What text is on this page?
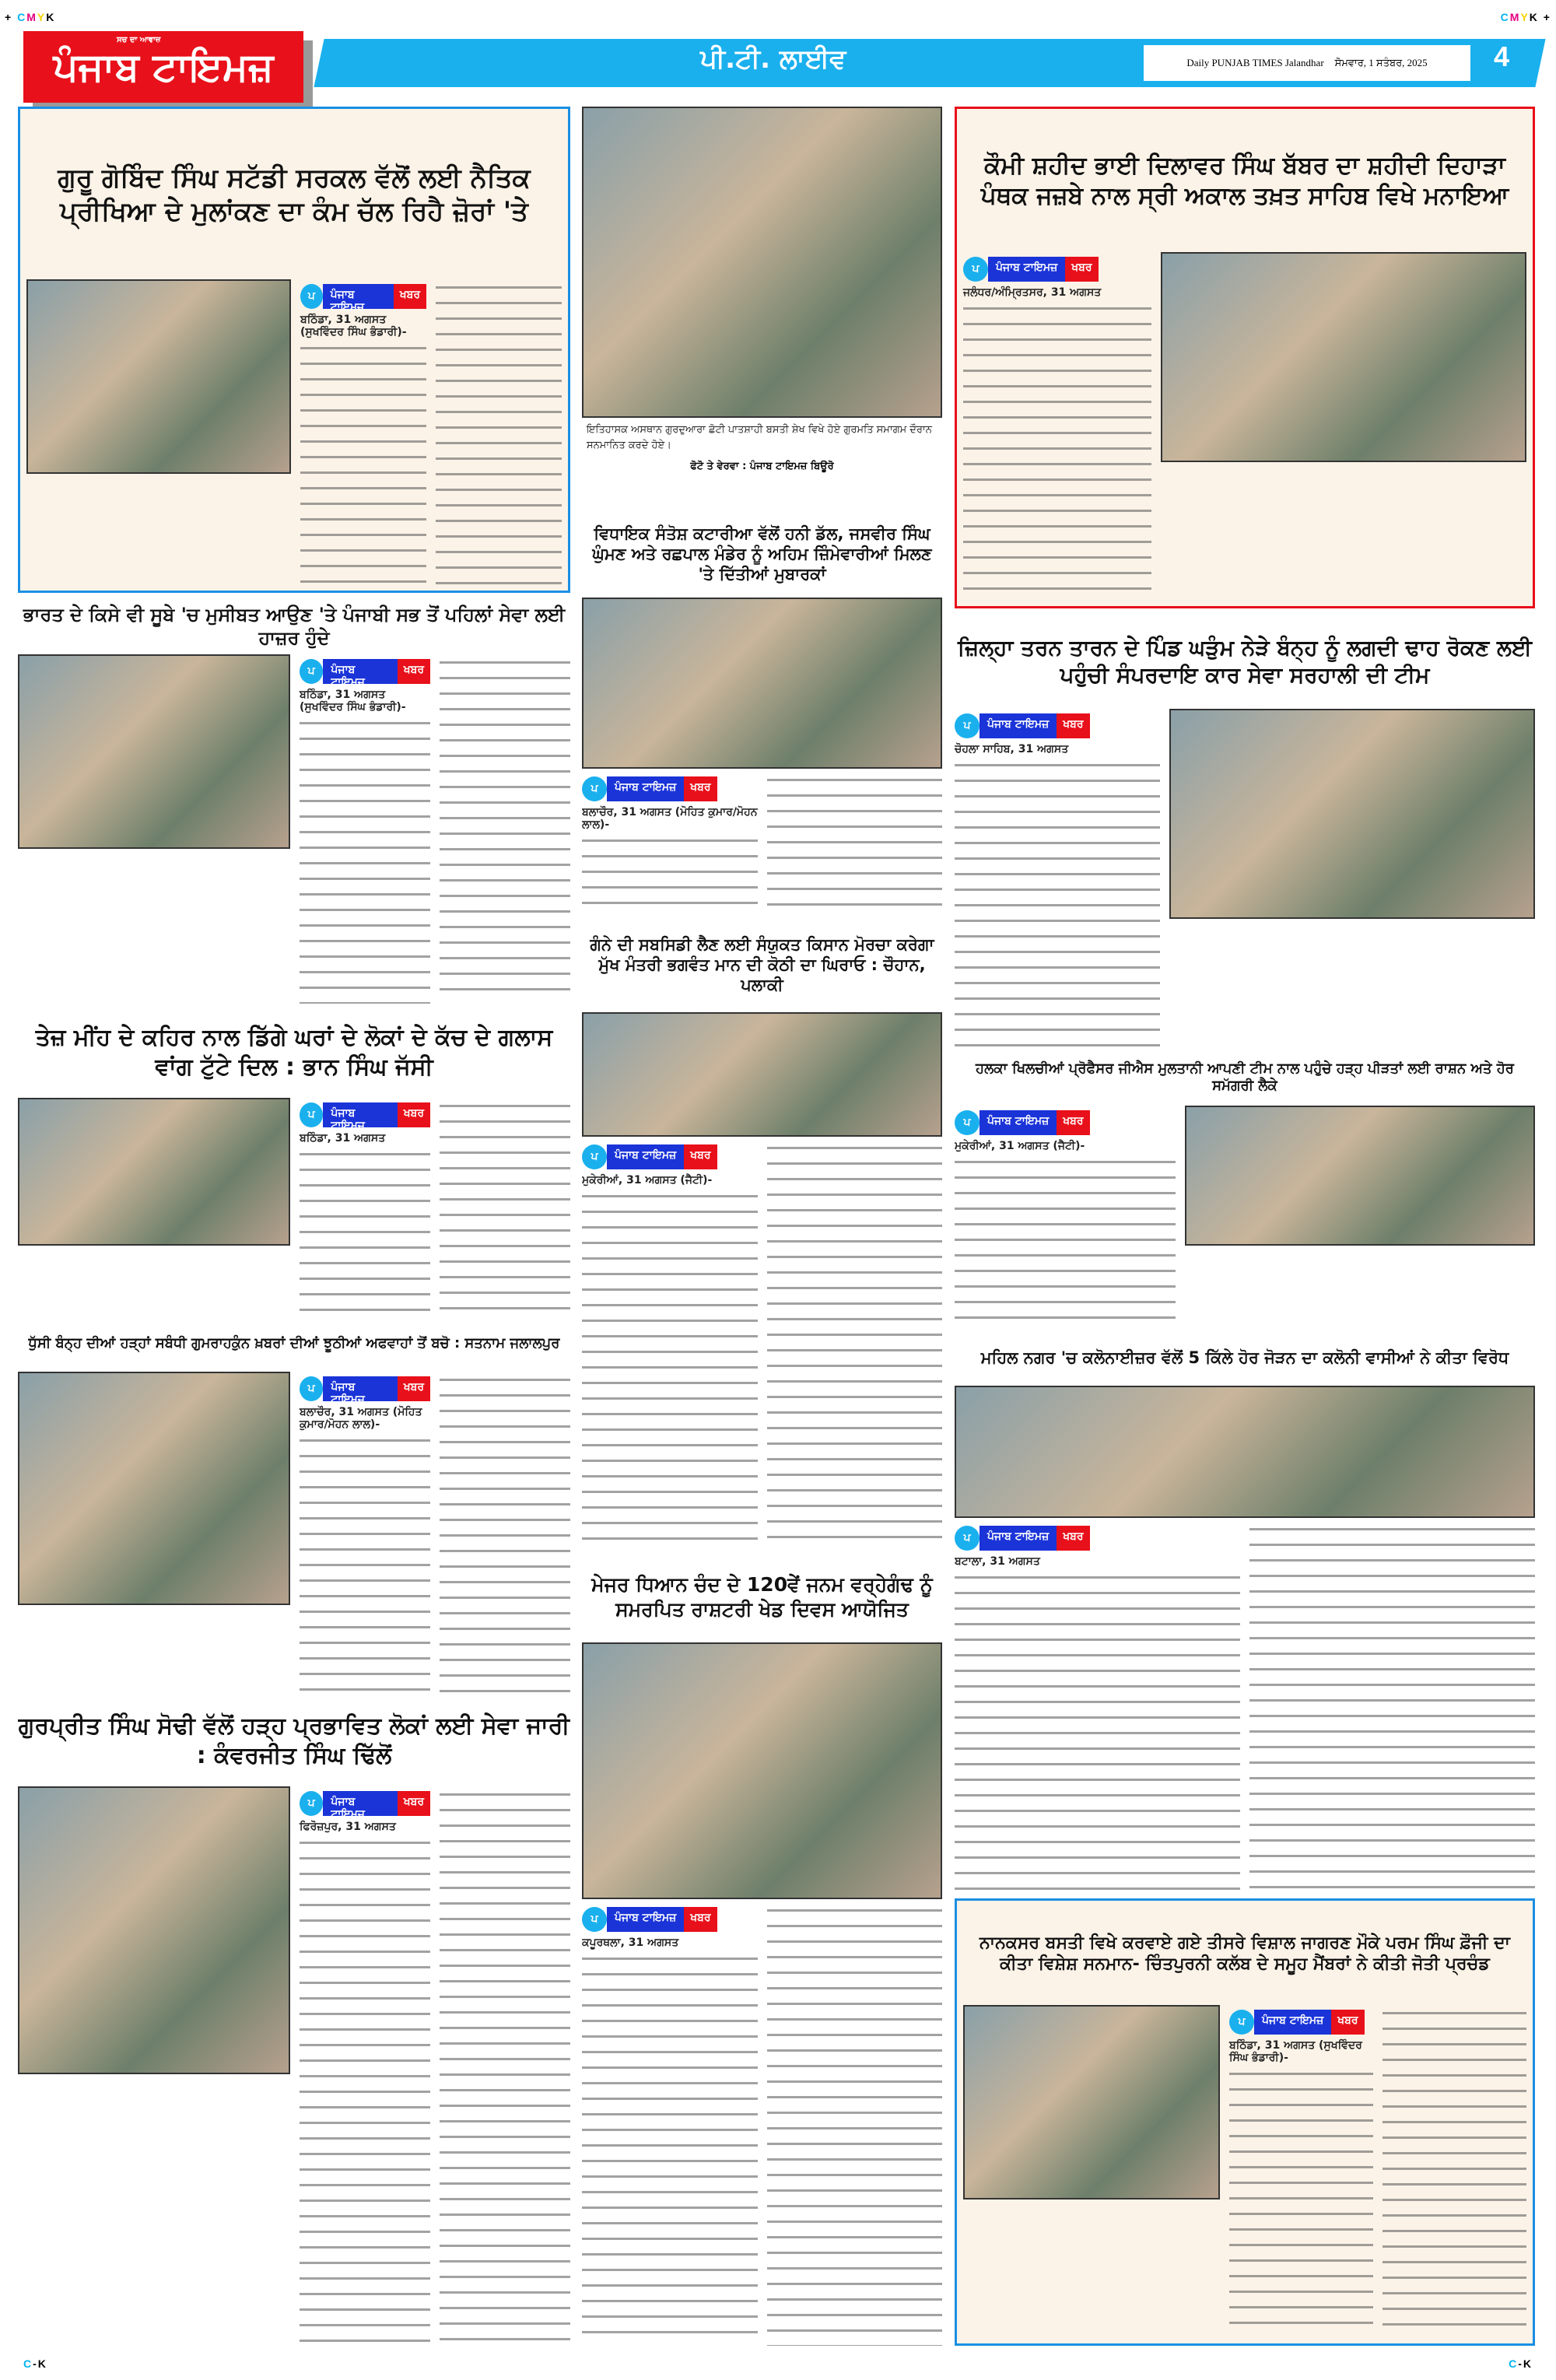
+ CMYK	CMYK +
C-K	C-K
ਸਚ ਦਾ ਆਵਾਜ਼
ਪੰਜਾਬ ਟਾਇਮਜ਼	ਪੀ.ਟੀ. ਲਾਈਵ	Daily PUNJAB TIMES Jalandhar ਸੋਮਵਾਰ, 1 ਸਤੰਬਰ, 2025 4
ਗੁਰੂ ਗੋਬਿੰਦ ਸਿੰਘ ਸਟੱਡੀ ਸਰਕਲ ਵੱਲੋਂ ਲਈ ਨੈਤਿਕ ਪ੍ਰੀਖਿਆ ਦੇ ਮੁਲਾਂਕਣ ਦਾ ਕੰਮ ਚੱਲ ਰਿਹੈ ਜ਼ੋਰਾਂ 'ਤੇ
ਪ	ਪੰਜਾਬ ਟਾਇਮਜ਼
ਖਬਰ
ਬਠਿੰਡਾ, 31 ਅਗਸਤ (ਸੁਖਵਿੰਦਰ ਸਿੰਘ ਭੰਡਾਰੀ)-
ਇਤਿਹਾਸਕ ਅਸਥਾਨ ਗੁਰਦੁਆਰਾ ਛੋਟੀ ਪਾਤਸ਼ਾਹੀ ਬਸਤੀ ਸ਼ੇਖ ਵਿਖੇ ਹੋਏ ਗੁਰਮਤਿ ਸਮਾਗਮ ਦੌਰਾਨ ਸਨਮਾਨਿਤ ਕਰਦੇ ਹੋਏ।
ਫੋਟੋ ਤੇ ਵੇਰਵਾ : ਪੰਜਾਬ ਟਾਇਮਜ਼ ਬਿਊਰੋ
ਕੌਮੀ ਸ਼ਹੀਦ ਭਾਈ ਦਿਲਾਵਰ ਸਿੰਘ ਬੱਬਰ ਦਾ ਸ਼ਹੀਦੀ ਦਿਹਾੜਾ ਪੰਥਕ ਜਜ਼ਬੇ ਨਾਲ ਸ੍ਰੀ ਅਕਾਲ ਤਖ਼ਤ ਸਾਹਿਬ ਵਿਖੇ ਮਨਾਇਆ
ਪ	ਪੰਜਾਬ ਟਾਇਮਜ਼	ਖਬਰ
ਜਲੰਧਰ/ਅੰਮ੍ਰਿਤਸਰ, 31 ਅਗਸਤ
ਵਿਧਾਇਕ ਸੰਤੋਸ਼ ਕਟਾਰੀਆ ਵੱਲੋਂ ਹਨੀ ਡੱਲ, ਜਸਵੀਰ ਸਿੰਘ ਘੁੰਮਣ ਅਤੇ ਰਛਪਾਲ ਮੰਡੇਰ ਨੂੰ ਅਹਿਮ ਜ਼ਿੰਮੇਵਾਰੀਆਂ ਮਿਲਣ 'ਤੇ ਦਿੱਤੀਆਂ ਮੁਬਾਰਕਾਂ
ਪ	ਪੰਜਾਬ ਟਾਇਮਜ਼	ਖਬਰ
ਬਲਾਚੌਰ, 31 ਅਗਸਤ (ਮੋਹਿਤ ਕੁਮਾਰ/ਮੋਹਨ ਲਾਲ)-
ਭਾਰਤ ਦੇ ਕਿਸੇ ਵੀ ਸੂਬੇ 'ਚ ਮੁਸੀਬਤ ਆਉਣ 'ਤੇ ਪੰਜਾਬੀ ਸਭ ਤੋਂ ਪਹਿਲਾਂ ਸੇਵਾ ਲਈ ਹਾਜ਼ਰ ਹੁੰਦੇ
ਪ	ਪੰਜਾਬ ਟਾਇਮਜ਼
ਖਬਰ
ਬਠਿੰਡਾ, 31 ਅਗਸਤ (ਸੁਖਵਿੰਦਰ ਸਿੰਘ ਭੰਡਾਰੀ)-
ਜ਼ਿਲ੍ਹਾ ਤਰਨ ਤਾਰਨ ਦੇ ਪਿੰਡ ਘੜੁੰਮ ਨੇੜੇ ਬੰਨ੍ਹ ਨੂੰ ਲਗਦੀ ਢਾਹ ਰੋਕਣ ਲਈ ਪਹੁੰਚੀ ਸੰਪਰਦਾਇ ਕਾਰ ਸੇਵਾ ਸਰਹਾਲੀ ਦੀ ਟੀਮ
ਪ	ਪੰਜਾਬ ਟਾਇਮਜ਼	ਖਬਰ
ਚੋਹਲਾ ਸਾਹਿਬ, 31 ਅਗਸਤ
ਗੰਨੇ ਦੀ ਸਬਸਿਡੀ ਲੈਣ ਲਈ ਸੰਯੁਕਤ ਕਿਸਾਨ ਮੋਰਚਾ ਕਰੇਗਾ ਮੁੱਖ ਮੰਤਰੀ ਭਗਵੰਤ ਮਾਨ ਦੀ ਕੋਠੀ ਦਾ ਘਿਰਾਓ : ਚੌਹਾਨ, ਪਲਾਕੀ
ਪ	ਪੰਜਾਬ ਟਾਇਮਜ਼	ਖਬਰ
ਮੁਕੇਰੀਆਂ, 31 ਅਗਸਤ (ਜੈਟੀ)-
ਤੇਜ਼ ਮੀਂਹ ਦੇ ਕਹਿਰ ਨਾਲ ਡਿੱਗੇ ਘਰਾਂ ਦੇ ਲੋਕਾਂ ਦੇ ਕੱਚ ਦੇ ਗਲਾਸ ਵਾਂਗ ਟੁੱਟੇ ਦਿਲ : ਭਾਨ ਸਿੰਘ ਜੱਸੀ
ਪ	ਪੰਜਾਬ ਟਾਇਮਜ਼
ਖਬਰ
ਬਠਿੰਡਾ, 31 ਅਗਸਤ
ਹਲਕਾ ਖਿਲਚੀਆਂ ਪ੍ਰੋਫੈਸਰ ਜੀਐਸ ਮੁਲਤਾਨੀ ਆਪਣੀ ਟੀਮ ਨਾਲ ਪਹੁੰਚੇ ਹੜ੍ਹ ਪੀੜਤਾਂ ਲਈ ਰਾਸ਼ਨ ਅਤੇ ਹੋਰ ਸਮੱਗਰੀ ਲੈਕੇ
ਪ	ਪੰਜਾਬ ਟਾਇਮਜ਼	ਖਬਰ
ਮੁਕੇਰੀਆਂ, 31 ਅਗਸਤ (ਜੈਟੀ)-
ਧੁੱਸੀ ਬੰਨ੍ਹ ਦੀਆਂ ਹੜ੍ਹਾਂ ਸਬੰਧੀ ਗੁਮਰਾਹਕੁੰਨ ਖ਼ਬਰਾਂ ਦੀਆਂ ਝੂਠੀਆਂ ਅਫਵਾਹਾਂ ਤੋਂ ਬਚੋ : ਸਤਨਾਮ ਜਲਾਲਪੁਰ
ਪ	ਪੰਜਾਬ ਟਾਇਮਜ਼
ਖਬਰ
ਬਲਾਚੌਰ, 31 ਅਗਸਤ (ਮੋਹਿਤ ਕੁਮਾਰ/ਮੋਹਨ ਲਾਲ)-
ਮਹਿਲ ਨਗਰ 'ਚ ਕਲੋਨਾਈਜ਼ਰ ਵੱਲੋਂ 5 ਕਿੱਲੇ ਹੋਰ ਜੋੜਨ ਦਾ ਕਲੋਨੀ ਵਾਸੀਆਂ ਨੇ ਕੀਤਾ ਵਿਰੋਧ
ਪ	ਪੰਜਾਬ ਟਾਇਮਜ਼	ਖਬਰ
ਬਟਾਲਾ, 31 ਅਗਸਤ
ਮੇਜਰ ਧਿਆਨ ਚੰਦ ਦੇ 120ਵੇਂ ਜਨਮ ਵਰ੍ਹੇਗੰਢ ਨੂੰ ਸਮਰਪਿਤ ਰਾਸ਼ਟਰੀ ਖੇਡ ਦਿਵਸ ਆਯੋਜਿਤ
ਪ	ਪੰਜਾਬ ਟਾਇਮਜ਼	ਖਬਰ
ਕਪੂਰਥਲਾ, 31 ਅਗਸਤ
ਗੁਰਪ੍ਰੀਤ ਸਿੰਘ ਸੋਢੀ ਵੱਲੋਂ ਹੜ੍ਹ ਪ੍ਰਭਾਵਿਤ ਲੋਕਾਂ ਲਈ ਸੇਵਾ ਜਾਰੀ : ਕੰਵਰਜੀਤ ਸਿੰਘ ਢਿੱਲੋਂ
ਪ	ਪੰਜਾਬ ਟਾਇਮਜ਼
ਖਬਰ
ਫਿਰੋਜ਼ਪੁਰ, 31 ਅਗਸਤ
ਨਾਨਕਸਰ ਬਸਤੀ ਵਿਖੇ ਕਰਵਾਏ ਗਏ ਤੀਸਰੇ ਵਿਸ਼ਾਲ ਜਾਗਰਣ ਮੌਕੇ ਪਰਮ ਸਿੰਘ ਫ਼ੌਜੀ ਦਾ ਕੀਤਾ ਵਿਸ਼ੇਸ਼ ਸਨਮਾਨ- ਚਿੰਤਪੁਰਨੀ ਕਲੱਬ ਦੇ ਸਮੂਹ ਮੈਂਬਰਾਂ ਨੇ ਕੀਤੀ ਜੋਤੀ ਪ੍ਰਚੰਡ
ਪ	ਪੰਜਾਬ ਟਾਇਮਜ਼	ਖਬਰ
ਬਠਿੰਡਾ, 31 ਅਗਸਤ (ਸੁਖਵਿੰਦਰ ਸਿੰਘ ਭੰਡਾਰੀ)-
